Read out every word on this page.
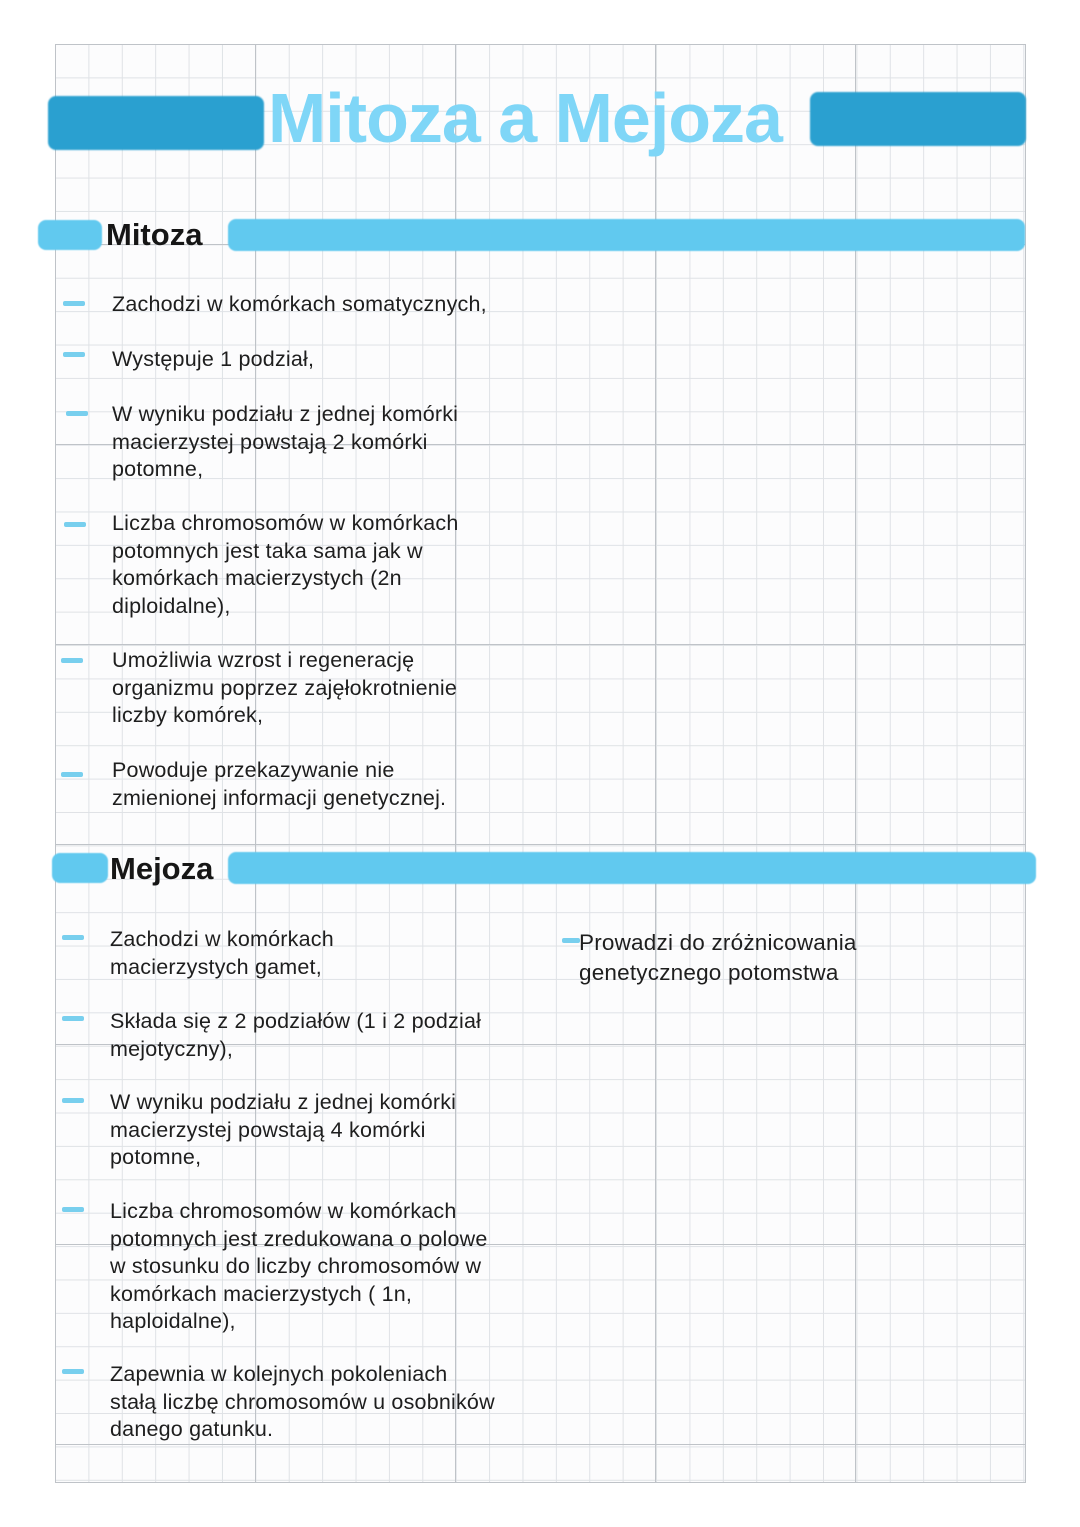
Mitoza a Mejoza
Mitoza
Zachodzi w komórkach somatycznych,
Występuje 1 podział,
W wyniku podziału z jednej komórki
macierzystej powstają 2 komórki
potomne,
Liczba chromosomów w komórkach
potomnych jest taka sama jak w
komórkach macierzystych (2n
diploidalne),
Umożliwia wzrost i regenerację
organizmu poprzez zajęłokrotnienie
liczby komórek,
Powoduje przekazywanie nie
zmienionej informacji genetycznej.
Mejoza
Zachodzi w komórkach
macierzystych gamet,
Składa się z 2 podziałów (1 i 2 podział
mejotyczny),
W wyniku podziału z jednej komórki
macierzystej powstają 4 komórki
potomne,
Liczba chromosomów w komórkach
potomnych jest zredukowana o polowe
w stosunku do liczby chromosomów w
komórkach macierzystych ( 1n,
haploidalne),
Zapewnia w kolejnych pokoleniach
stałą liczbę chromosomów u osobników
danego gatunku.
Prowadzi do zróżnicowania
genetycznego potomstwa
